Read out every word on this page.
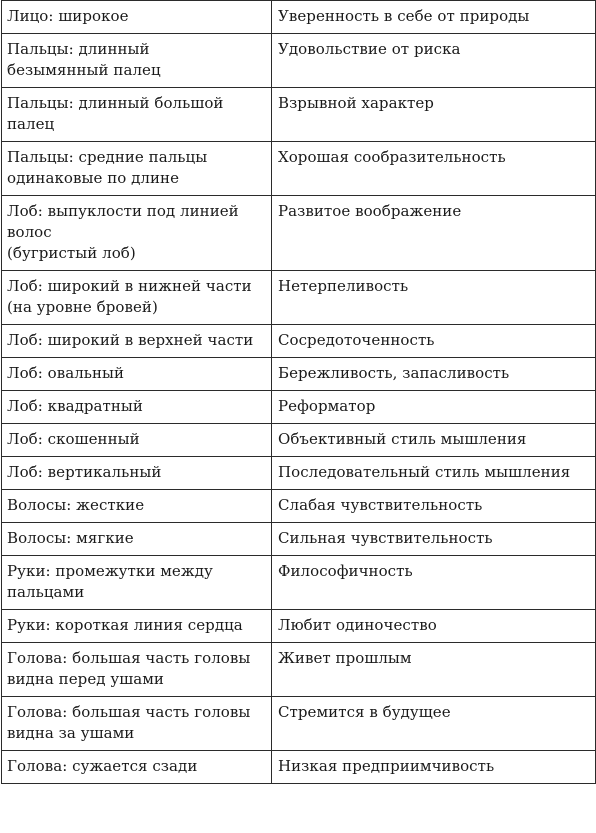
Лицо: широкое	Уверенность в себе от природы

Пальцы: длинный
безымянный палец	Удовольствие от риска

Пальцы: длинный большой
палец	Взрывной характер

Пальцы: средние пальцы
одинаковые по длине	Хорошая сообразительность

Лоб: выпуклости под линией
волос
(бугристый лоб)	Развитое воображение

Лоб: широкий в нижней части
(на уровне бровей)	Нетерпеливость

Лоб: широкий в верхней части	Сосредоточенность

Лоб: овальный	Бережливость, запасливость

Лоб: квадратный	Реформатор

Лоб: скошенный	Объективный стиль мышления

Лоб: вертикальный	Последовательный стиль мышления

Волосы: жесткие	Слабая чувствительность

Волосы: мягкие	Сильная чувствительность

Руки: промежутки между
пальцами	Философичность

Руки: короткая линия сердца	Любит одиночество

Голова: большая часть головы
видна перед ушами	Живет прошлым

Голова: большая часть головы
видна за ушами	Стремится в будущее

Голова: сужается сзади	Низкая предприимчивость
